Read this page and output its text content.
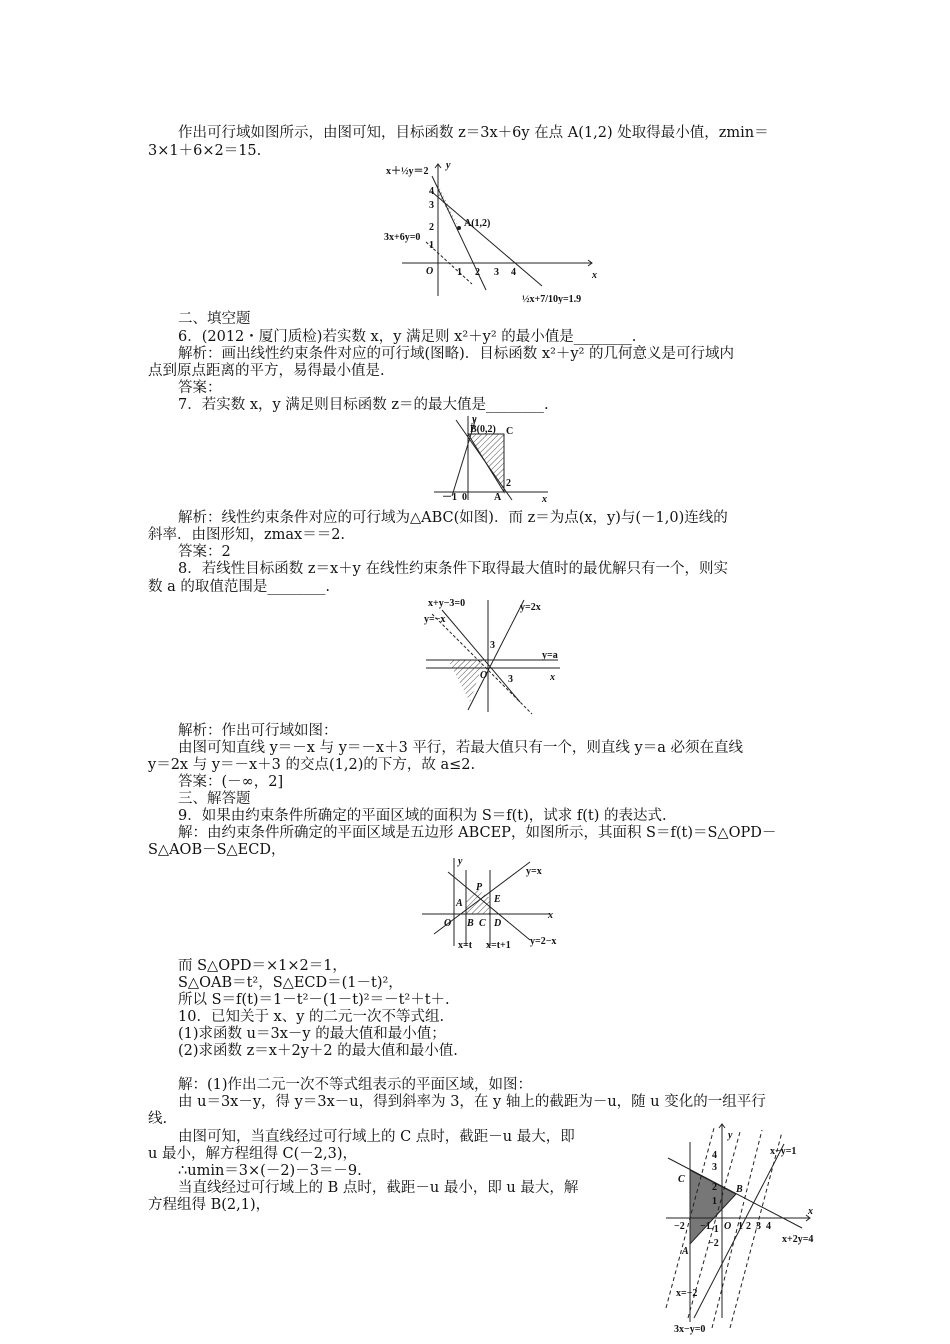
作出可行域如图所示，由图可知，目标函数 z＝3x＋6y 在点 A(1,2) 处取得最小值，zmin＝
3×1＋6×2＝15.
x＋½y＝2
y
x
O
4
3
2
1
1 2 3 4
A(1,2)
3x+6y=0
½x+7/10y=1.9
二、填空题
6．(2012・厦门质检)若实数 x，y 满足则 x²＋y² 的最小值是________.
解析：画出线性约束条件对应的可行域(图略)．目标函数 x²＋y² 的几何意义是可行域内
点到原点距离的平方，易得最小值是.
答案：
7．若实数 x，y 满足则目标函数 z＝的最大值是________.
y
x
B(0,2) C
A
－1 0
2
解析：线性约束条件对应的可行域为△ABC(如图)．而 z＝为点(x，y)与(－1,0)连线的
斜率．由图形知，zmax＝＝2.
答案：2
8．若线性目标函数 z＝x＋y 在线性约束条件下取得最大值时的最优解只有一个，则实
数 a 的取值范围是________.
x+y−3=0
y=−x
y=2x
y=a
O
3
3	x
解析：作出可行域如图：
由图可知直线 y＝－x 与 y＝－x＋3 平行，若最大值只有一个，则直线 y＝a 必须在直线
y＝2x 与 y＝－x＋3 的交点(1,2)的下方，故 a≤2.
答案：(－∞，2]
三、解答题
9．如果由约束条件所确定的平面区域的面积为 S＝f(t)，试求 f(t) 的表达式.
解：由约束条件所确定的平面区域是五边形 ABCEP，如图所示，其面积 S＝f(t)＝S△OPD－
S△AOB－S△ECD，
y
y=x
x
A
P
E
O B C D
x=t x=t+1 y=2−x
而 S△OPD＝×1×2＝1，
S△OAB＝t²，S△ECD＝(1－t)²，
所以 S＝f(t)＝1－t²－(1－t)²＝－t²＋t＋.
10．已知关于 x、y 的二元一次不等式组.
(1)求函数 u＝3x－y 的最大值和最小值；
(2)求函数 z＝x＋2y＋2 的最大值和最小值.
解：(1)作出二元一次不等式组表示的平面区域，如图：
由 u＝3x－y，得 y＝3x－u，得到斜率为 3，在 y 轴上的截距为－u，随 u 变化的一组平行
线.
由图可知，当直线经过可行域上的 C 点时，截距－u 最大，即
u 最小，解方程组得 C(－2,3)，
∴umin＝3×(－2)－3＝－9.
当直线经过可行域上的 B 点时，截距－u 最小，即 u 最大，解
方程组得 B(2,1)，
y
x
x−y=1
x+2y=4
x=−2
3x−y=0
C
B
A
O
4
3
2
1
−1
−2
−2 −1	1 2 3 4
